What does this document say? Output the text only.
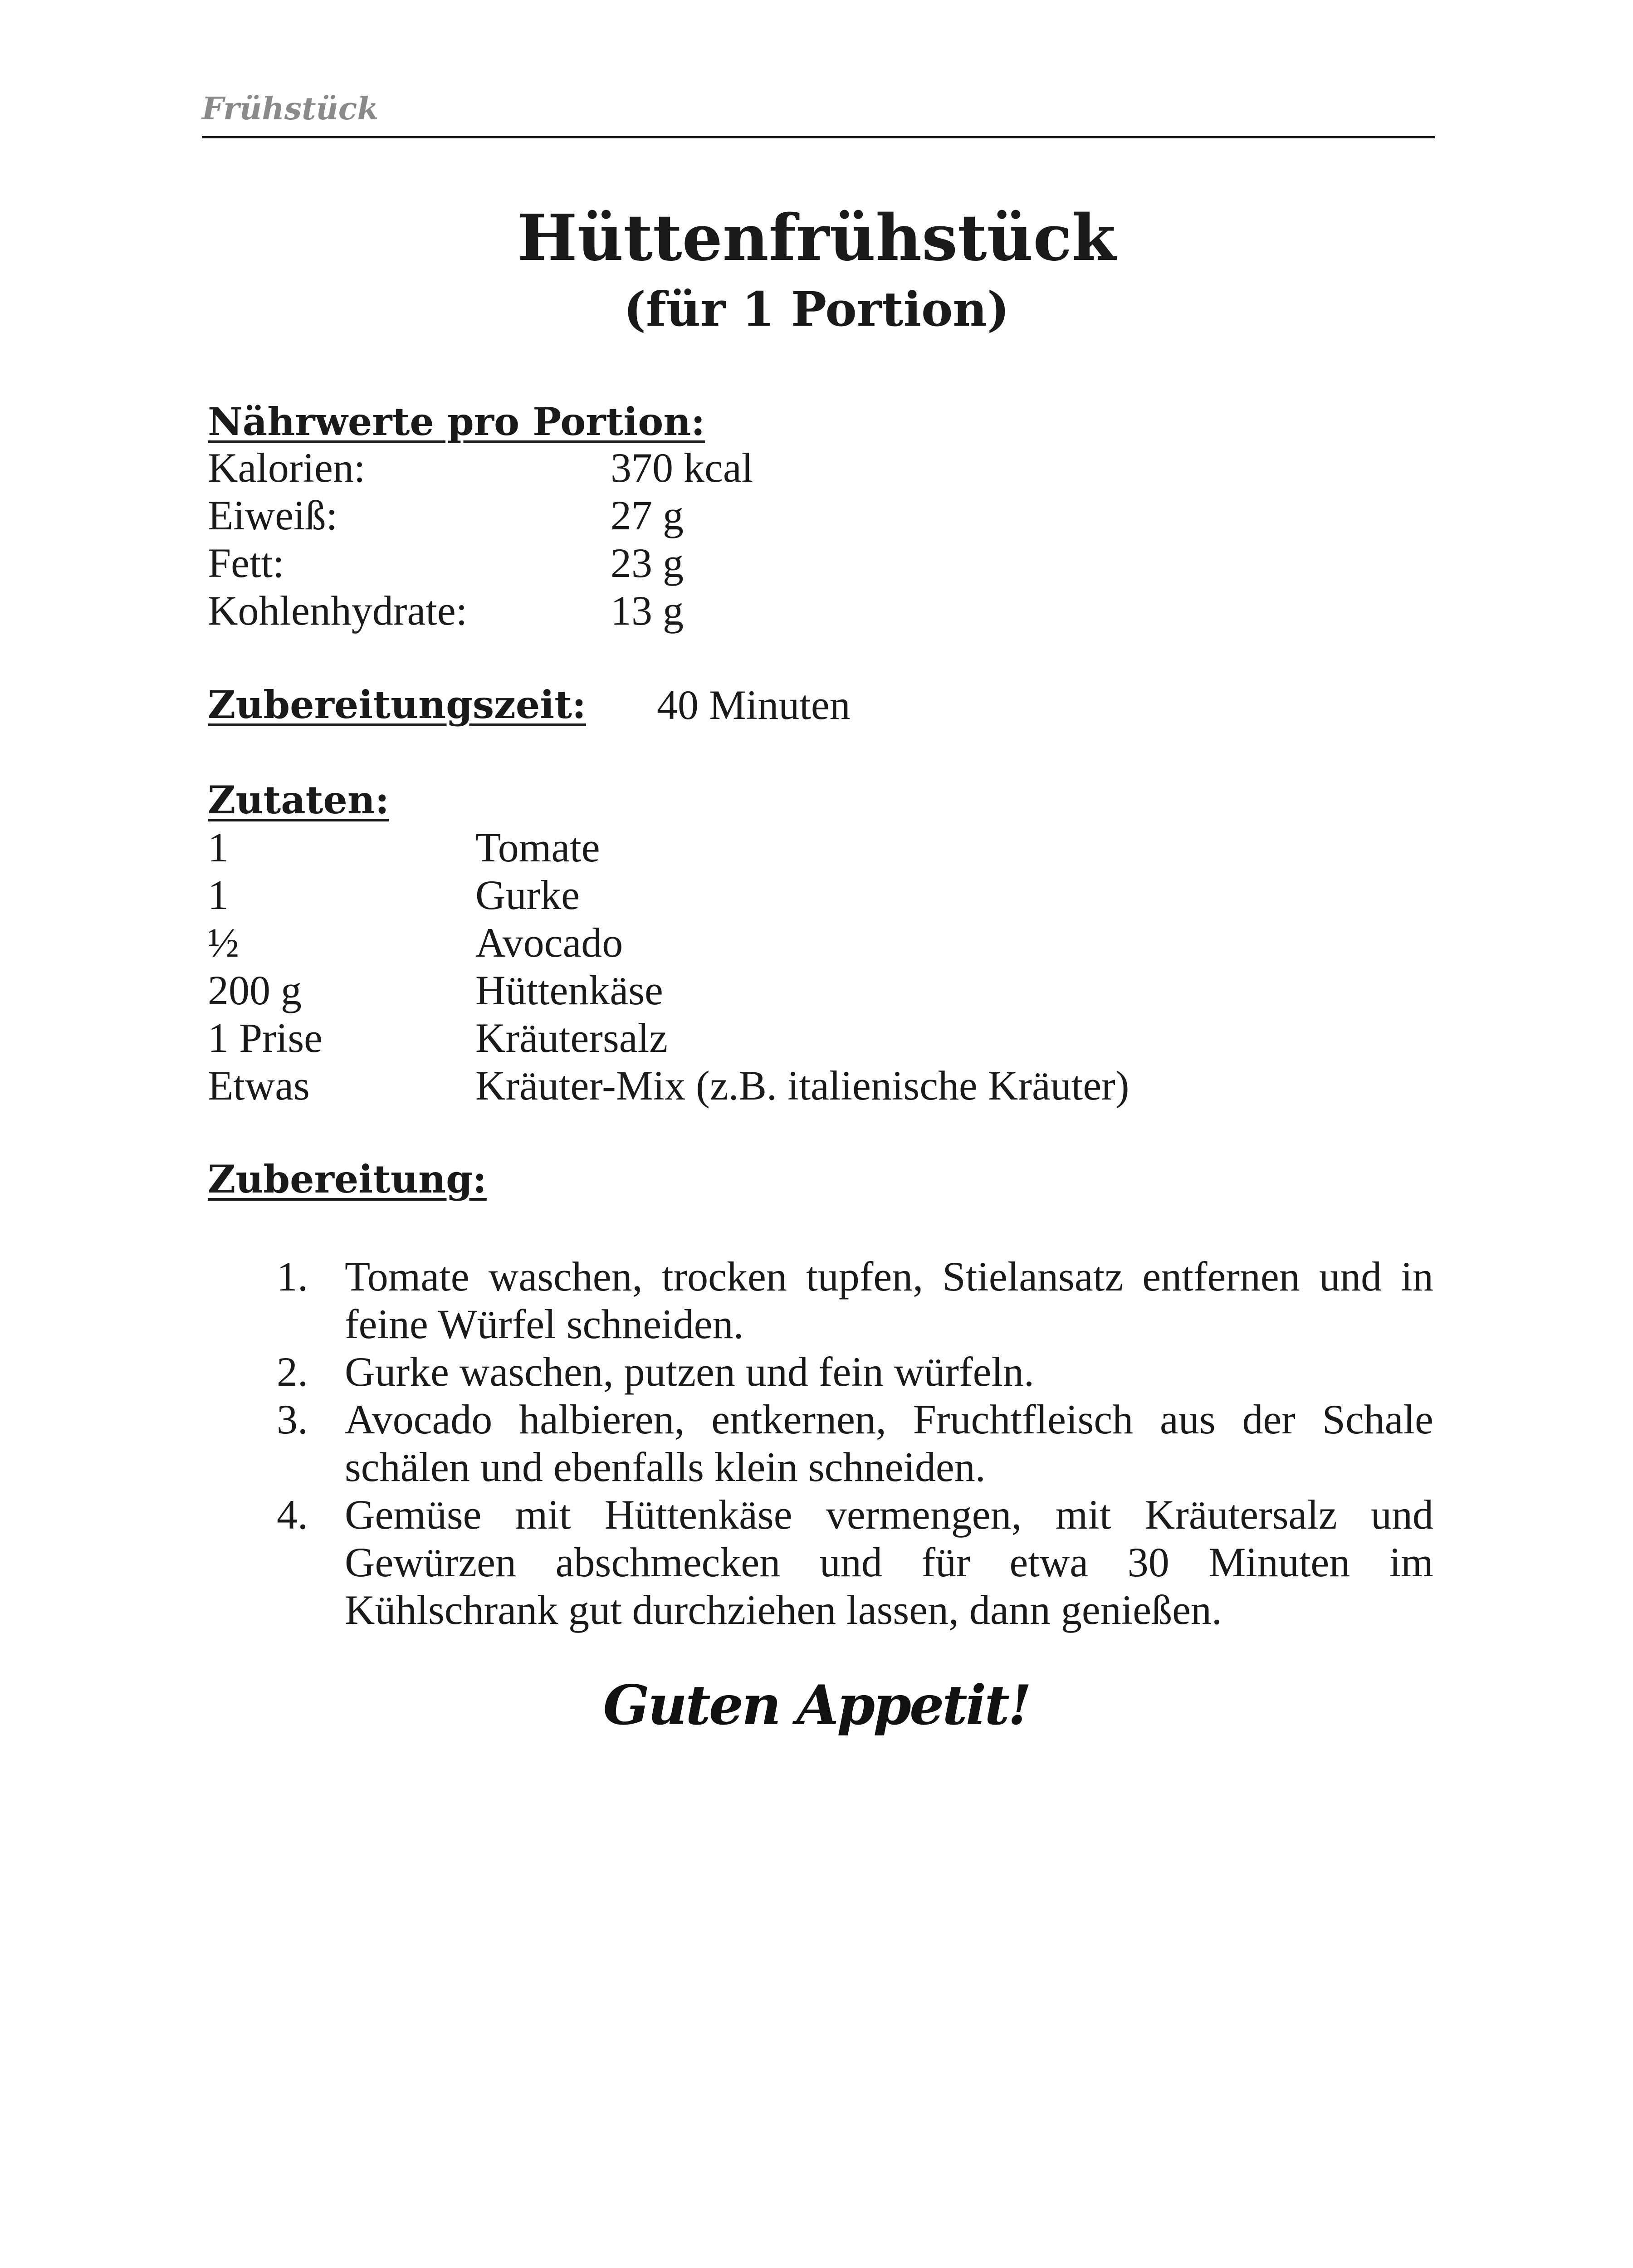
Frühstück
Hüttenfrühstück
(für 1 Portion)
Nährwerte pro Portion:
Kalorien:	370 kcal
Eiweiß:	27 g
Fett:	23 g
Kohlenhydrate:	13 g
Zubereitungszeit: 40 Minuten
Zutaten:
1	Tomate
1	Gurke
½	Avocado
200 g	Hüttenkäse
1 Prise	Kräutersalz
Etwas	Kräuter-Mix (z.B. italienische Kräuter)
Zubereitung:
1. Tomate waschen, trocken tupfen, Stielansatz entfernen und in feine Würfel schneiden.
2. Gurke waschen, putzen und fein würfeln.
3. Avocado halbieren, entkernen, Fruchtfleisch aus der Schale schälen und ebenfalls klein schneiden.
4. Gemüse mit Hüttenkäse vermengen, mit Kräutersalz und Gewürzen abschmecken und für etwa 30 Minuten im Kühlschrank gut durchziehen lassen, dann genießen.
Guten Appetit!
